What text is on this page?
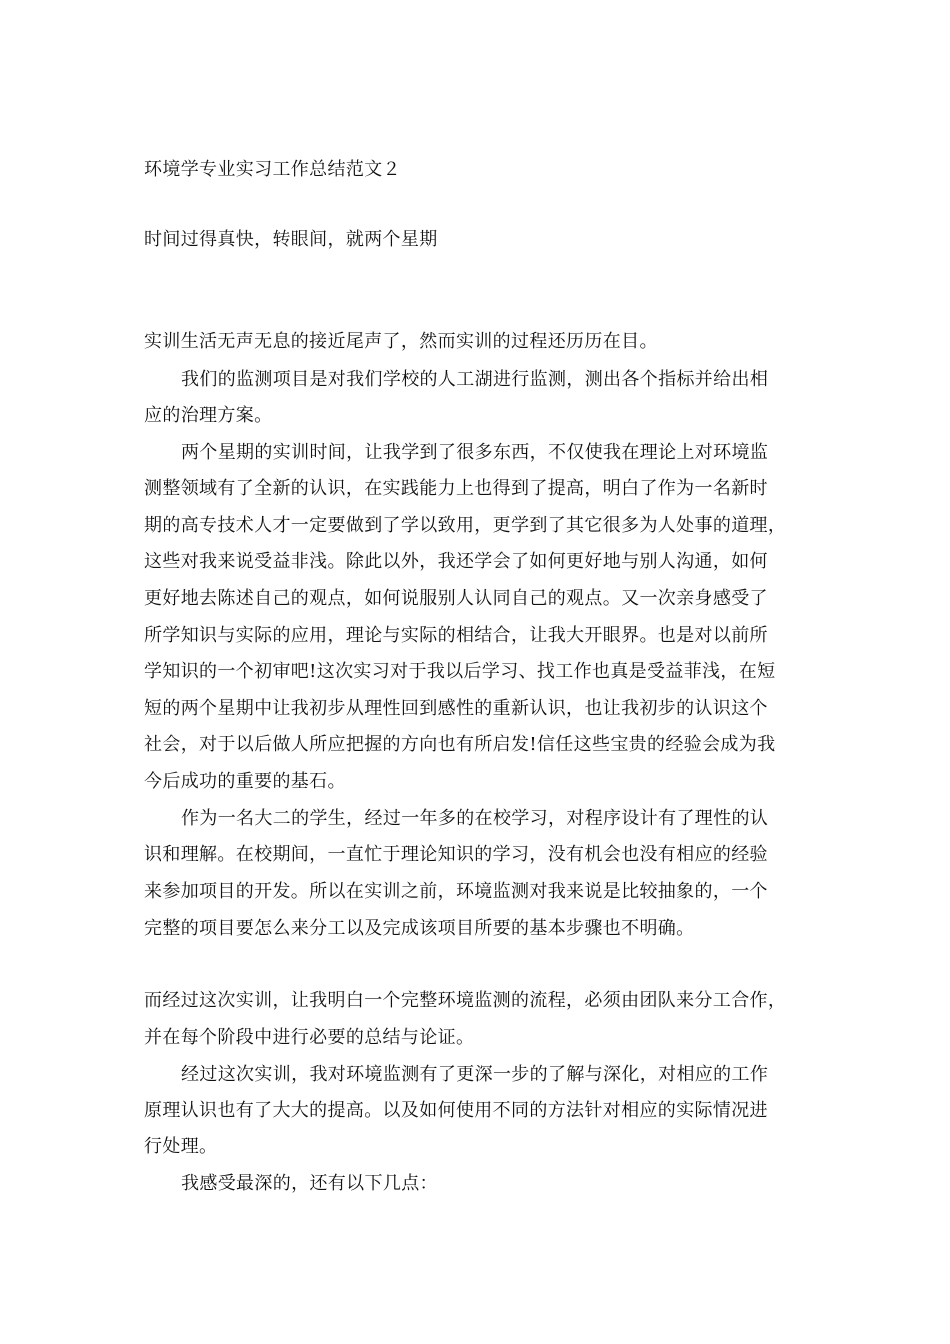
环境学专业实习工作总结范文２
时间过得真快，转眼间，就两个星期
实训生活无声无息的接近尾声了，然而实训的过程还历历在目。
我们的监测项目是对我们学校的人工湖进行监测，测出各个指标并给出相
应的治理方案。
两个星期的实训时间，让我学到了很多东西，不仅使我在理论上对环境监
测整领域有了全新的认识，在实践能力上也得到了提高，明白了作为一名新时
期的高专技术人才一定要做到了学以致用，更学到了其它很多为人处事的道理，
这些对我来说受益非浅。除此以外，我还学会了如何更好地与别人沟通，如何
更好地去陈述自己的观点，如何说服别人认同自己的观点。又一次亲身感受了
所学知识与实际的应用，理论与实际的相结合，让我大开眼界。也是对以前所
学知识的一个初审吧!这次实习对于我以后学习、找工作也真是受益菲浅，在短
短的两个星期中让我初步从理性回到感性的重新认识，也让我初步的认识这个
社会，对于以后做人所应把握的方向也有所启发!信任这些宝贵的经验会成为我
今后成功的重要的基石。
作为一名大二的学生，经过一年多的在校学习，对程序设计有了理性的认
识和理解。在校期间，一直忙于理论知识的学习，没有机会也没有相应的经验
来参加项目的开发。所以在实训之前，环境监测对我来说是比较抽象的，一个
完整的项目要怎么来分工以及完成该项目所要的基本步骤也不明确。
而经过这次实训，让我明白一个完整环境监测的流程，必须由团队来分工合作，
并在每个阶段中进行必要的总结与论证。
经过这次实训，我对环境监测有了更深一步的了解与深化，对相应的工作
原理认识也有了大大的提高。以及如何使用不同的方法针对相应的实际情况进
行处理。
我感受最深的，还有以下几点：
